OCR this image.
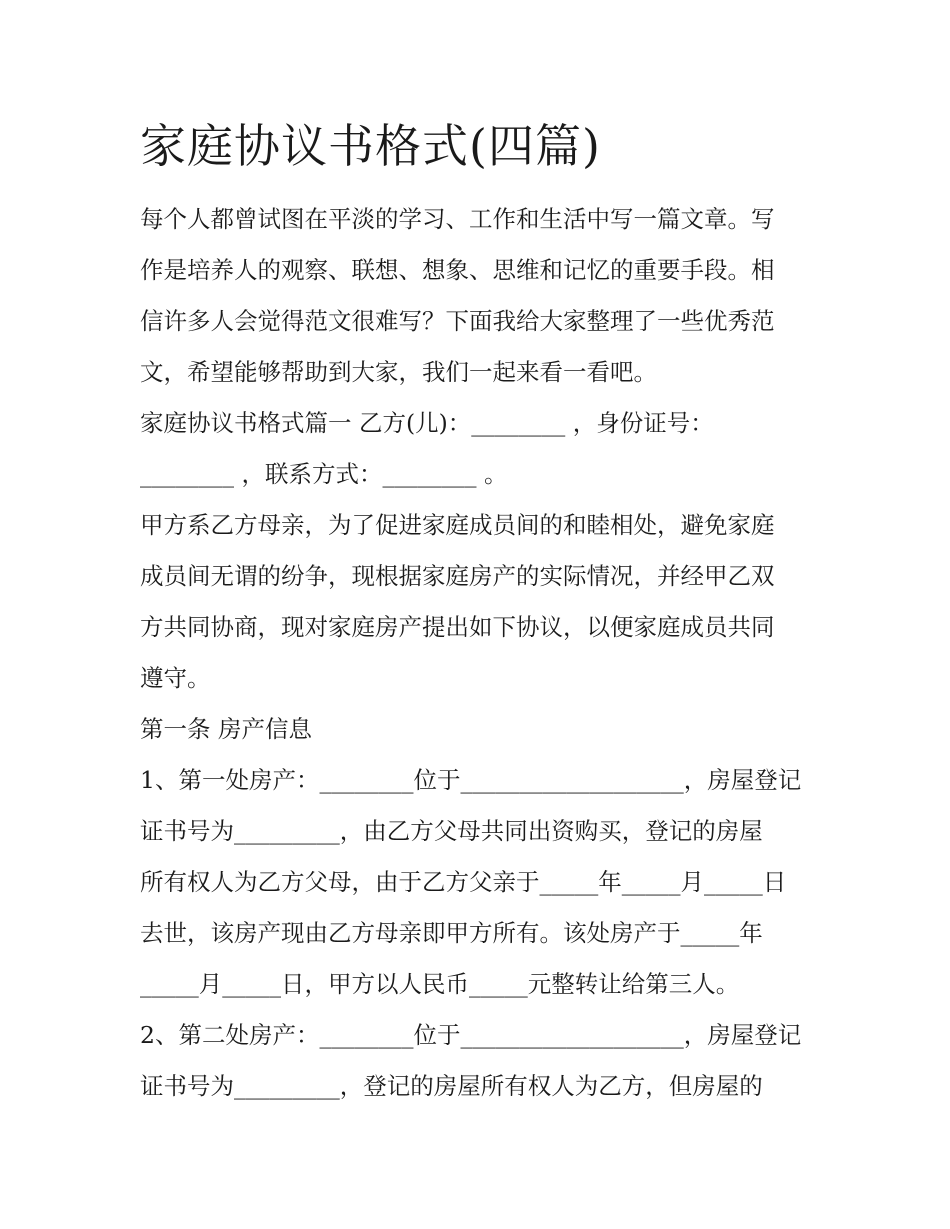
家庭协议书格式(四篇)
每个人都曾试图在平淡的学习、工作和生活中写一篇文章。写
作是培养人的观察、联想、想象、思维和记忆的重要手段。相
信许多人会觉得范文很难写？下面我给大家整理了一些优秀范
文，希望能够帮助到大家，我们一起来看一看吧。
家庭协议书格式篇一 乙方(儿)：________ ，身份证号：
________ ，联系方式：________ 。
甲方系乙方母亲，为了促进家庭成员间的和睦相处，避免家庭
成员间无谓的纷争，现根据家庭房产的实际情况，并经甲乙双
方共同协商，现对家庭房产提出如下协议，以便家庭成员共同
遵守。
第一条 房产信息
1、第一处房产：________位于___________________，房屋登记
证书号为_________，由乙方父母共同出资购买，登记的房屋
所有权人为乙方父母，由于乙方父亲于_____年_____月_____日
去世，该房产现由乙方母亲即甲方所有。该处房产于_____年
_____月_____日，甲方以人民币_____元整转让给第三人。
2、第二处房产：________位于___________________，房屋登记
证书号为_________，登记的房屋所有权人为乙方，但房屋的
